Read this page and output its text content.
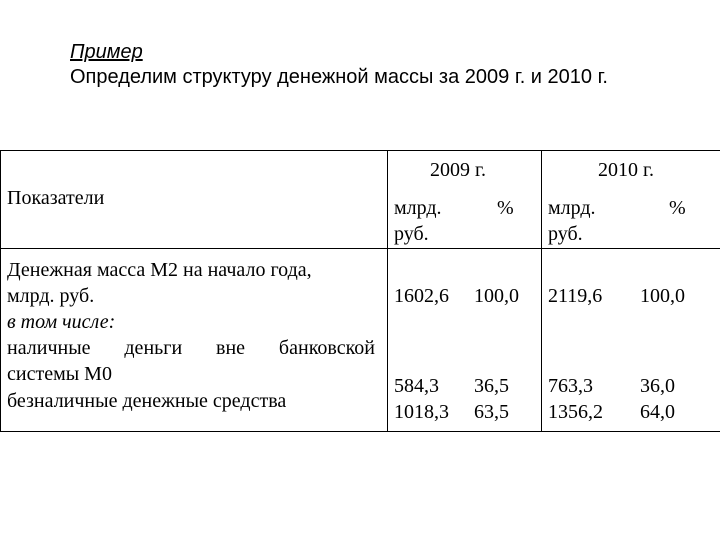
Пример
Определим структуру денежной массы за 2009 г. и 2010 г.
Показатели
2009 г.	2010 г.
млрд.
руб.
% млрд.
руб.
%
Денежная масса М2 на начало года,
млрд. руб.
в том числе:
наличные деньги вне банковской
системы М0
безналичные денежные средства
1602,6 100,0 2119,6 100,0
584,3 36,5 763,3 36,0
1018,3 63,5 1356,2 64,0
